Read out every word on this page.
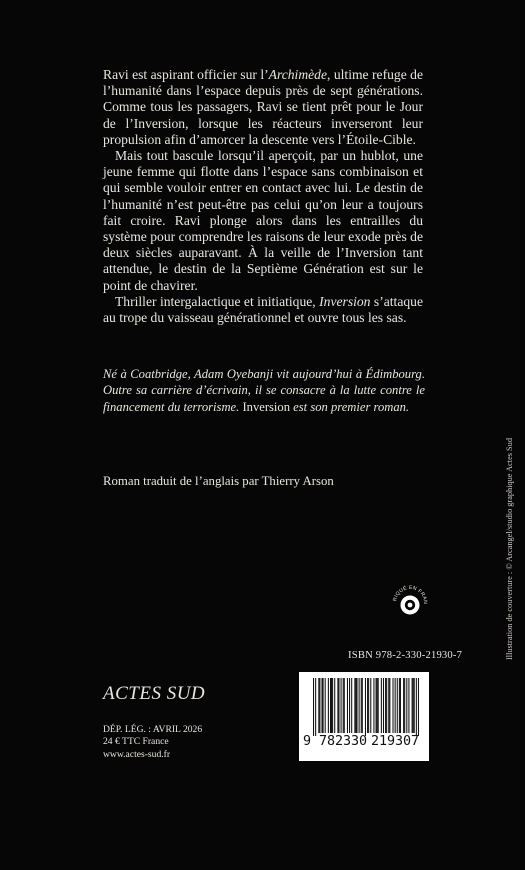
Ravi est aspirant officier sur l’Archimède, ultime refuge de l’humanité dans l’espace depuis près de sept générations. Comme tous les passagers, Ravi se tient prêt pour le Jour de l’Inversion, lorsque les réacteurs inverseront leur propulsion afin d’amorcer la descente vers l’Étoile-Cible.

Mais tout bascule lorsqu’il aperçoit, par un hublot, une jeune femme qui flotte dans l’espace sans combinaison et qui semble vouloir entrer en contact avec lui. Le destin de l’humanité n’est peut-être pas celui qu’on leur a toujours fait croire. Ravi plonge alors dans les entrailles du système pour comprendre les raisons de leur exode près de deux siècles auparavant. À la veille de l’Inversion tant attendue, le destin de la Septième Génération est sur le point de chavirer.

Thriller intergalactique et initiatique, Inversion s’attaque au trope du vaisseau générationnel et ouvre tous les sas.

Né à Coatbridge, Adam Oyebanji vit aujourd’hui à Édimbourg. Outre sa carrière d’écrivain, il se consacre à la lutte contre le financement du terrorisme. Inversion est son premier roman.
Roman traduit de l’anglais par Thierry Arson	Illustration de couverture : © Arcangel/studio graphique Actes Sud
RIQUÉ EN FRAN
ISBN 978-2-330-21930-7
9 7 8 2 3 3 0 2 1 9 3 0 7
ACTES SUD
DÉP. LÉG. : AVRIL 2026
24 € TTC France
www.actes-sud.fr
